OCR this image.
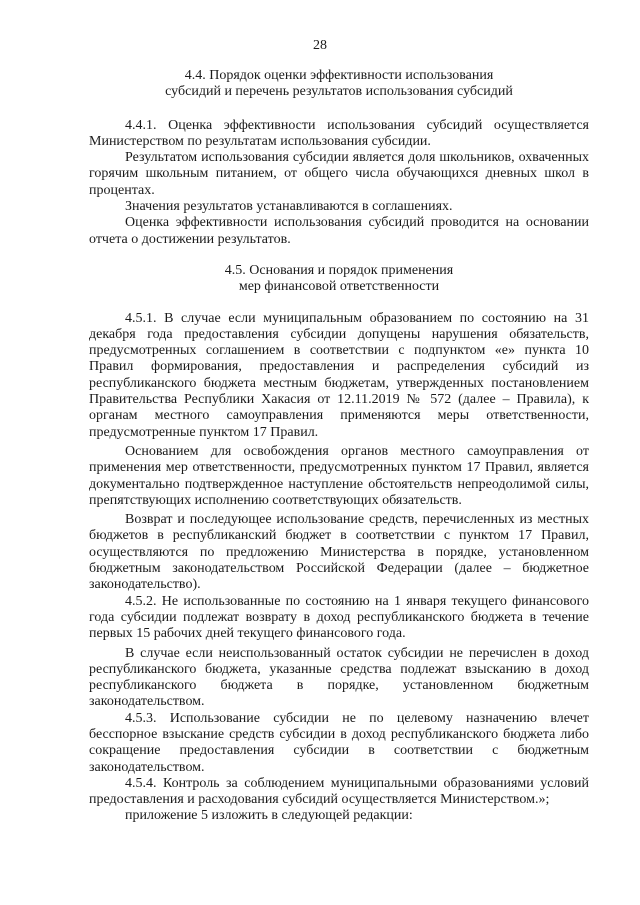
28
4.4. Порядок оценки эффективности использования
субсидий и перечень результатов использования субсидий

4.4.1. Оценка эффективности использования субсидий осуществляется Министерством по результатам использования субсидии.

Результатом использования субсидии является доля школьников, охваченных горячим школьным питанием, от общего числа обучающихся дневных школ в процентах.

Значения результатов устанавливаются в соглашениях.

Оценка эффективности использования субсидий проводится на основании отчета о достижении результатов.

4.5. Основания и порядок применения
мер финансовой ответственности

4.5.1. В случае если муниципальным образованием по состоянию на 31 декабря года предоставления субсидии допущены нарушения обязательств, предусмотренных соглашением в соответствии с подпунктом «е» пункта 10 Правил формирования, предоставления и распределения субсидий из республиканского бюджета местным бюджетам, утвержденных постановлением Правительства Республики Хакасия от 12.11.2019 № 572 (далее – Правила), к органам местного самоуправления применяются меры ответственности, предусмотренные пунктом 17 Правил.

Основанием для освобождения органов местного самоуправления от применения мер ответственности, предусмотренных пунктом 17 Правил, является документально подтвержденное наступление обстоятельств непреодолимой силы, препятствующих исполнению соответствующих обязательств.

Возврат и последующее использование средств, перечисленных из местных бюджетов в республиканский бюджет в соответствии с пунктом 17 Правил, осуществляются по предложению Министерства в порядке, установленном бюджетным законодательством Российской Федерации (далее – бюджетное законодательство).

4.5.2. Не использованные по состоянию на 1 января текущего финансового года субсидии подлежат возврату в доход республиканского бюджета в течение первых 15 рабочих дней текущего финансового года.

В случае если неиспользованный остаток субсидии не перечислен в доход республиканского бюджета, указанные средства подлежат взысканию в доход республиканского бюджета в порядке, установленном бюджетным законодательством.

4.5.3. Использование субсидии не по целевому назначению влечет бесспорное взыскание средств субсидии в доход республиканского бюджета либо сокращение предоставления субсидии в соответствии с бюджетным законодательством.

4.5.4. Контроль за соблюдением муниципальными образованиями условий предоставления и расходования субсидий осуществляется Министерством.»;

приложение 5 изложить в следующей редакции:
